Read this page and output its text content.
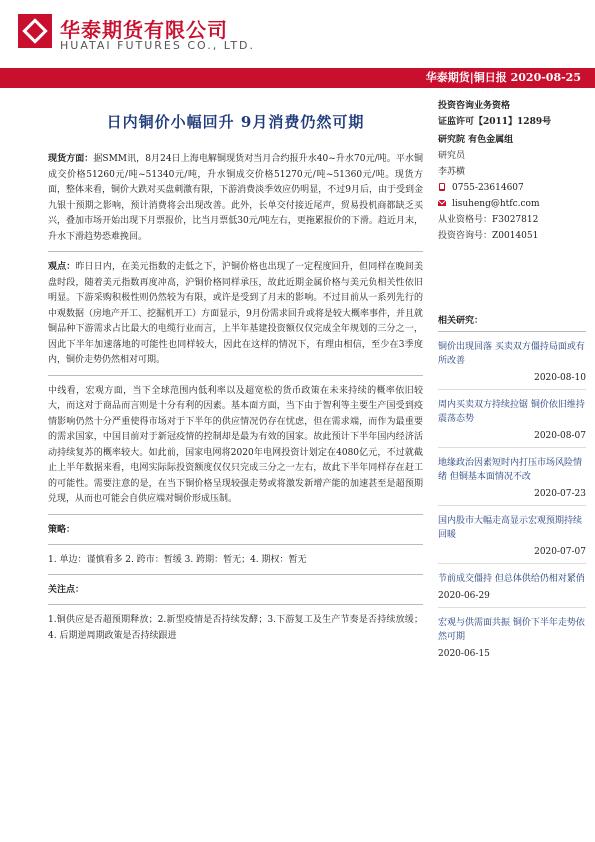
华泰期货有限公司
HUATAI FUTURES CO., LTD.
华泰期货|铜日报 2020-08-25
日内铜价小幅回升 9月消费仍然可期

现货方面：据SMM讯，8月24日上海电解铜现货对当月合约报升水40~升水70元/吨。平水铜成交价格51260元/吨~51340元/吨，升水铜成交价格51270元/吨~51360元/吨。现货方面，整体来看，铜价大跌对买盘刺激有限，下游消费淡季效应仍明显，不过9月后，由于受到金九银十预期之影响，预计消费将会出现改善。此外，长单交付接近尾声，贸易投机商都缺乏买兴，叠加市场开始出现下月票报价，比当月票低30元/吨左右，更拖累报价的下滑。趋近月末，升水下滑趋势恐难挽回。

观点：昨日日内，在美元指数的走低之下，沪铜价格也出现了一定程度回升，但同样在晚间美盘时段，随着美元指数再度冲高，沪铜价格同样承压，故此近期金属价格与美元负相关性依旧明显。下游采购积极性则仍然较为有限，或许是受到了月末的影响。不过目前从一系列先行的中观数据（房地产开工、挖掘机开工）方面显示，9月份需求回升或将是较大概率事件，并且就铜品种下游需求占比最大的电缆行业而言，上半年基建投资额仅仅完成全年规划的三分之一，因此下半年加速落地的可能性也同样较大，因此在这样的情况下，有理由相信，至少在3季度内，铜价走势仍然相对可期。

中线看，宏观方面，当下全球范围内低利率以及超宽松的货币政策在未来持续的概率依旧较大，而这对于商品而言则是十分有利的因素。基本面方面，当下由于智利等主要生产国受到疫情影响仍然十分严重使得市场对于下半年的供应情况仍存在忧虑，但在需求端，而作为最重要的需求国家，中国目前对于新冠疫情的控制却是最为有效的国家。故此预计下半年国内经济活动持续复苏的概率较大。如此前，国家电网将2020年电网投资计划定在4080亿元，不过就截止上半年数据来看，电网实际际投资额度仅仅只完成三分之一左右，故此下半年同样存在赶工的可能性。需要注意的是，在当下铜价格呈现较强走势或将激发新增产能的加速甚至是超预期兑现，从而也可能会自供应端对铜价形成压制。

策略：

1. 单边：谨慎看多 2. 跨市：暂缓 3. 跨期：暂无；4. 期权：暂无

关注点：

1.铜供应是否超预期释放；2.新型疫情是否持续发酵；3.下游复工及生产节奏是否持续放缓；4. 后期逆周期政策是否持续跟进

投资咨询业务资格
证监许可【2011】1289号
研究院 有色金属组
研究员
李苏横
0755-23614607
lisuheng@htfc.com
从业资格号：F3027812
投资咨询号：Z0014051
相关研究：
铜价出现回落 买卖双方僵持局面或有所改善
2020-08-10
周内买卖双方持续拉锯 铜价依旧维持震荡态势
2020-08-07
地缘政治因素短时内打压市场风险情绪 但铜基本面情况不改
2020-07-23
国内股市大幅走高显示宏观预期持续回暖
2020-07-07
节前成交僵持 但总体供给仍相对紧俏
2020-06-29
宏观与供需面共振 铜价下半年走势依然可期
2020-06-15
